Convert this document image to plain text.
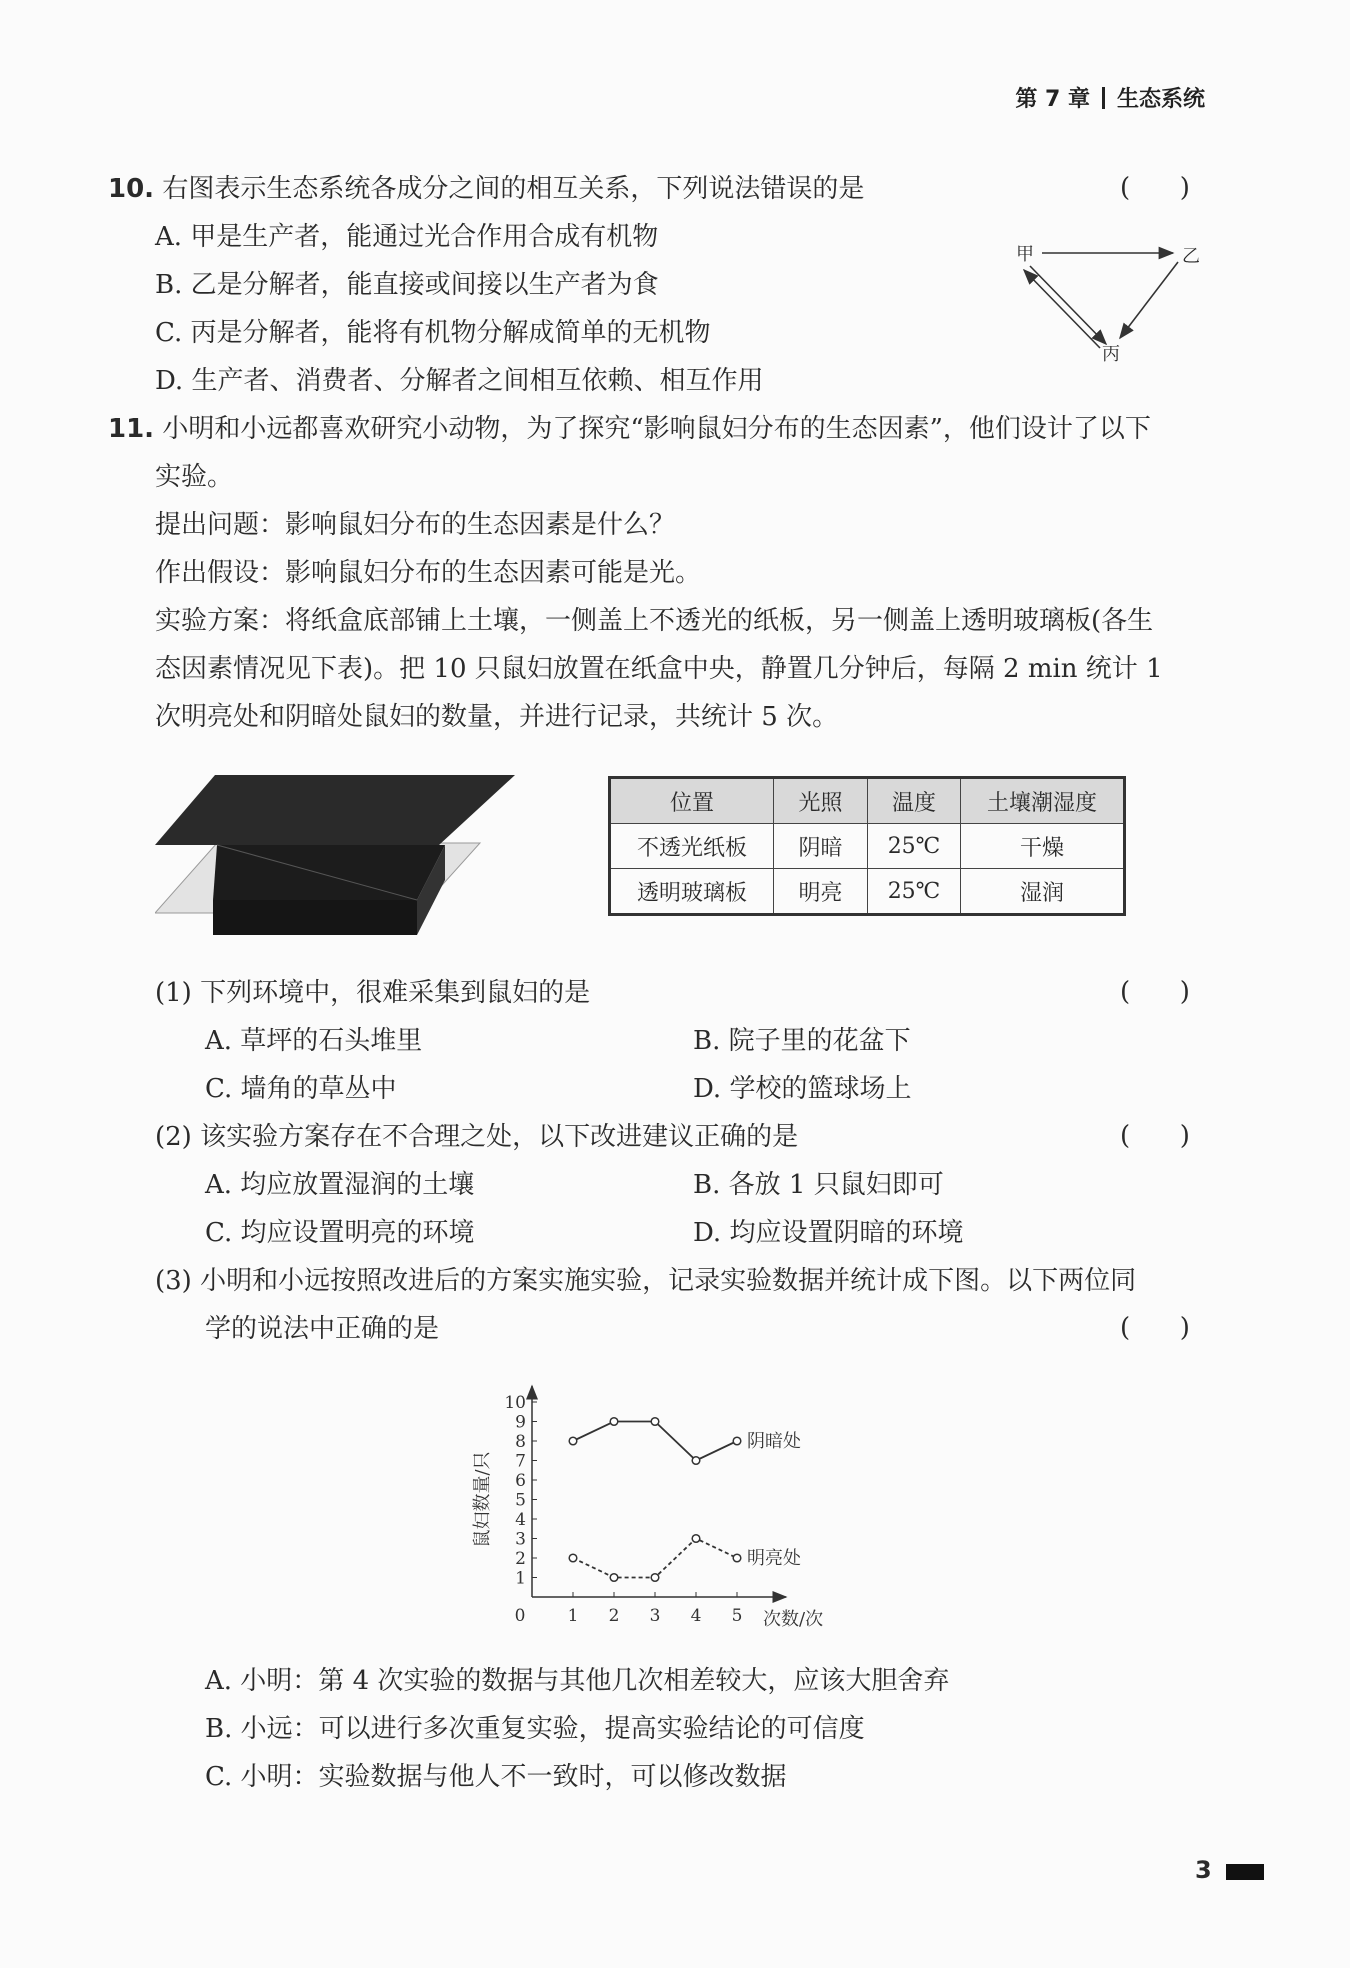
第 7 章 生态系统
10. 右图表示生态系统各成分之间的相互关系，下列说法错误的是	(      )
A. 甲是生产者，能通过光合作用合成有机物
B. 乙是分解者，能直接或间接以生产者为食
C. 丙是分解者，能将有机物分解成简单的无机物
D. 生产者、消费者、分解者之间相互依赖、相互作用
甲	乙
丙
11. 小明和小远都喜欢研究小动物，为了探究“影响鼠妇分布的生态因素”，他们设计了以下
实验。
提出问题：影响鼠妇分布的生态因素是什么？
作出假设：影响鼠妇分布的生态因素可能是光。
实验方案：将纸盒底部铺上土壤，一侧盖上不透光的纸板，另一侧盖上透明玻璃板(各生
态因素情况见下表)。把 10 只鼠妇放置在纸盒中央，静置几分钟后，每隔 2 min 统计 1
次明亮处和阴暗处鼠妇的数量，并进行记录，共统计 5 次。
位置	光照	温度	土壤潮湿度
不透光纸板	阴暗	25℃	干燥
透明玻璃板	明亮	25℃	湿润
(1) 下列环境中，很难采集到鼠妇的是	(      )
A. 草坪的石头堆里	B. 院子里的花盆下
C. 墙角的草丛中	D. 学校的篮球场上
(2) 该实验方案存在不合理之处，以下改进建议正确的是	(      )
A. 均应放置湿润的土壤	B. 各放 1 只鼠妇即可
C. 均应设置明亮的环境	D. 均应设置阴暗的环境
(3) 小明和小远按照改进后的方案实施实验，记录实验数据并统计成下图。以下两位同
学的说法中正确的是	(      )
1
2
3
4
5
6
7
8
9
10
0 1 2 3 4 5 次数/次
鼠妇数量/只
阴暗处
明亮处
A. 小明：第 4 次实验的数据与其他几次相差较大，应该大胆舍弃
B. 小远：可以进行多次重复实验，提高实验结论的可信度
C. 小明：实验数据与他人不一致时，可以修改数据
3
